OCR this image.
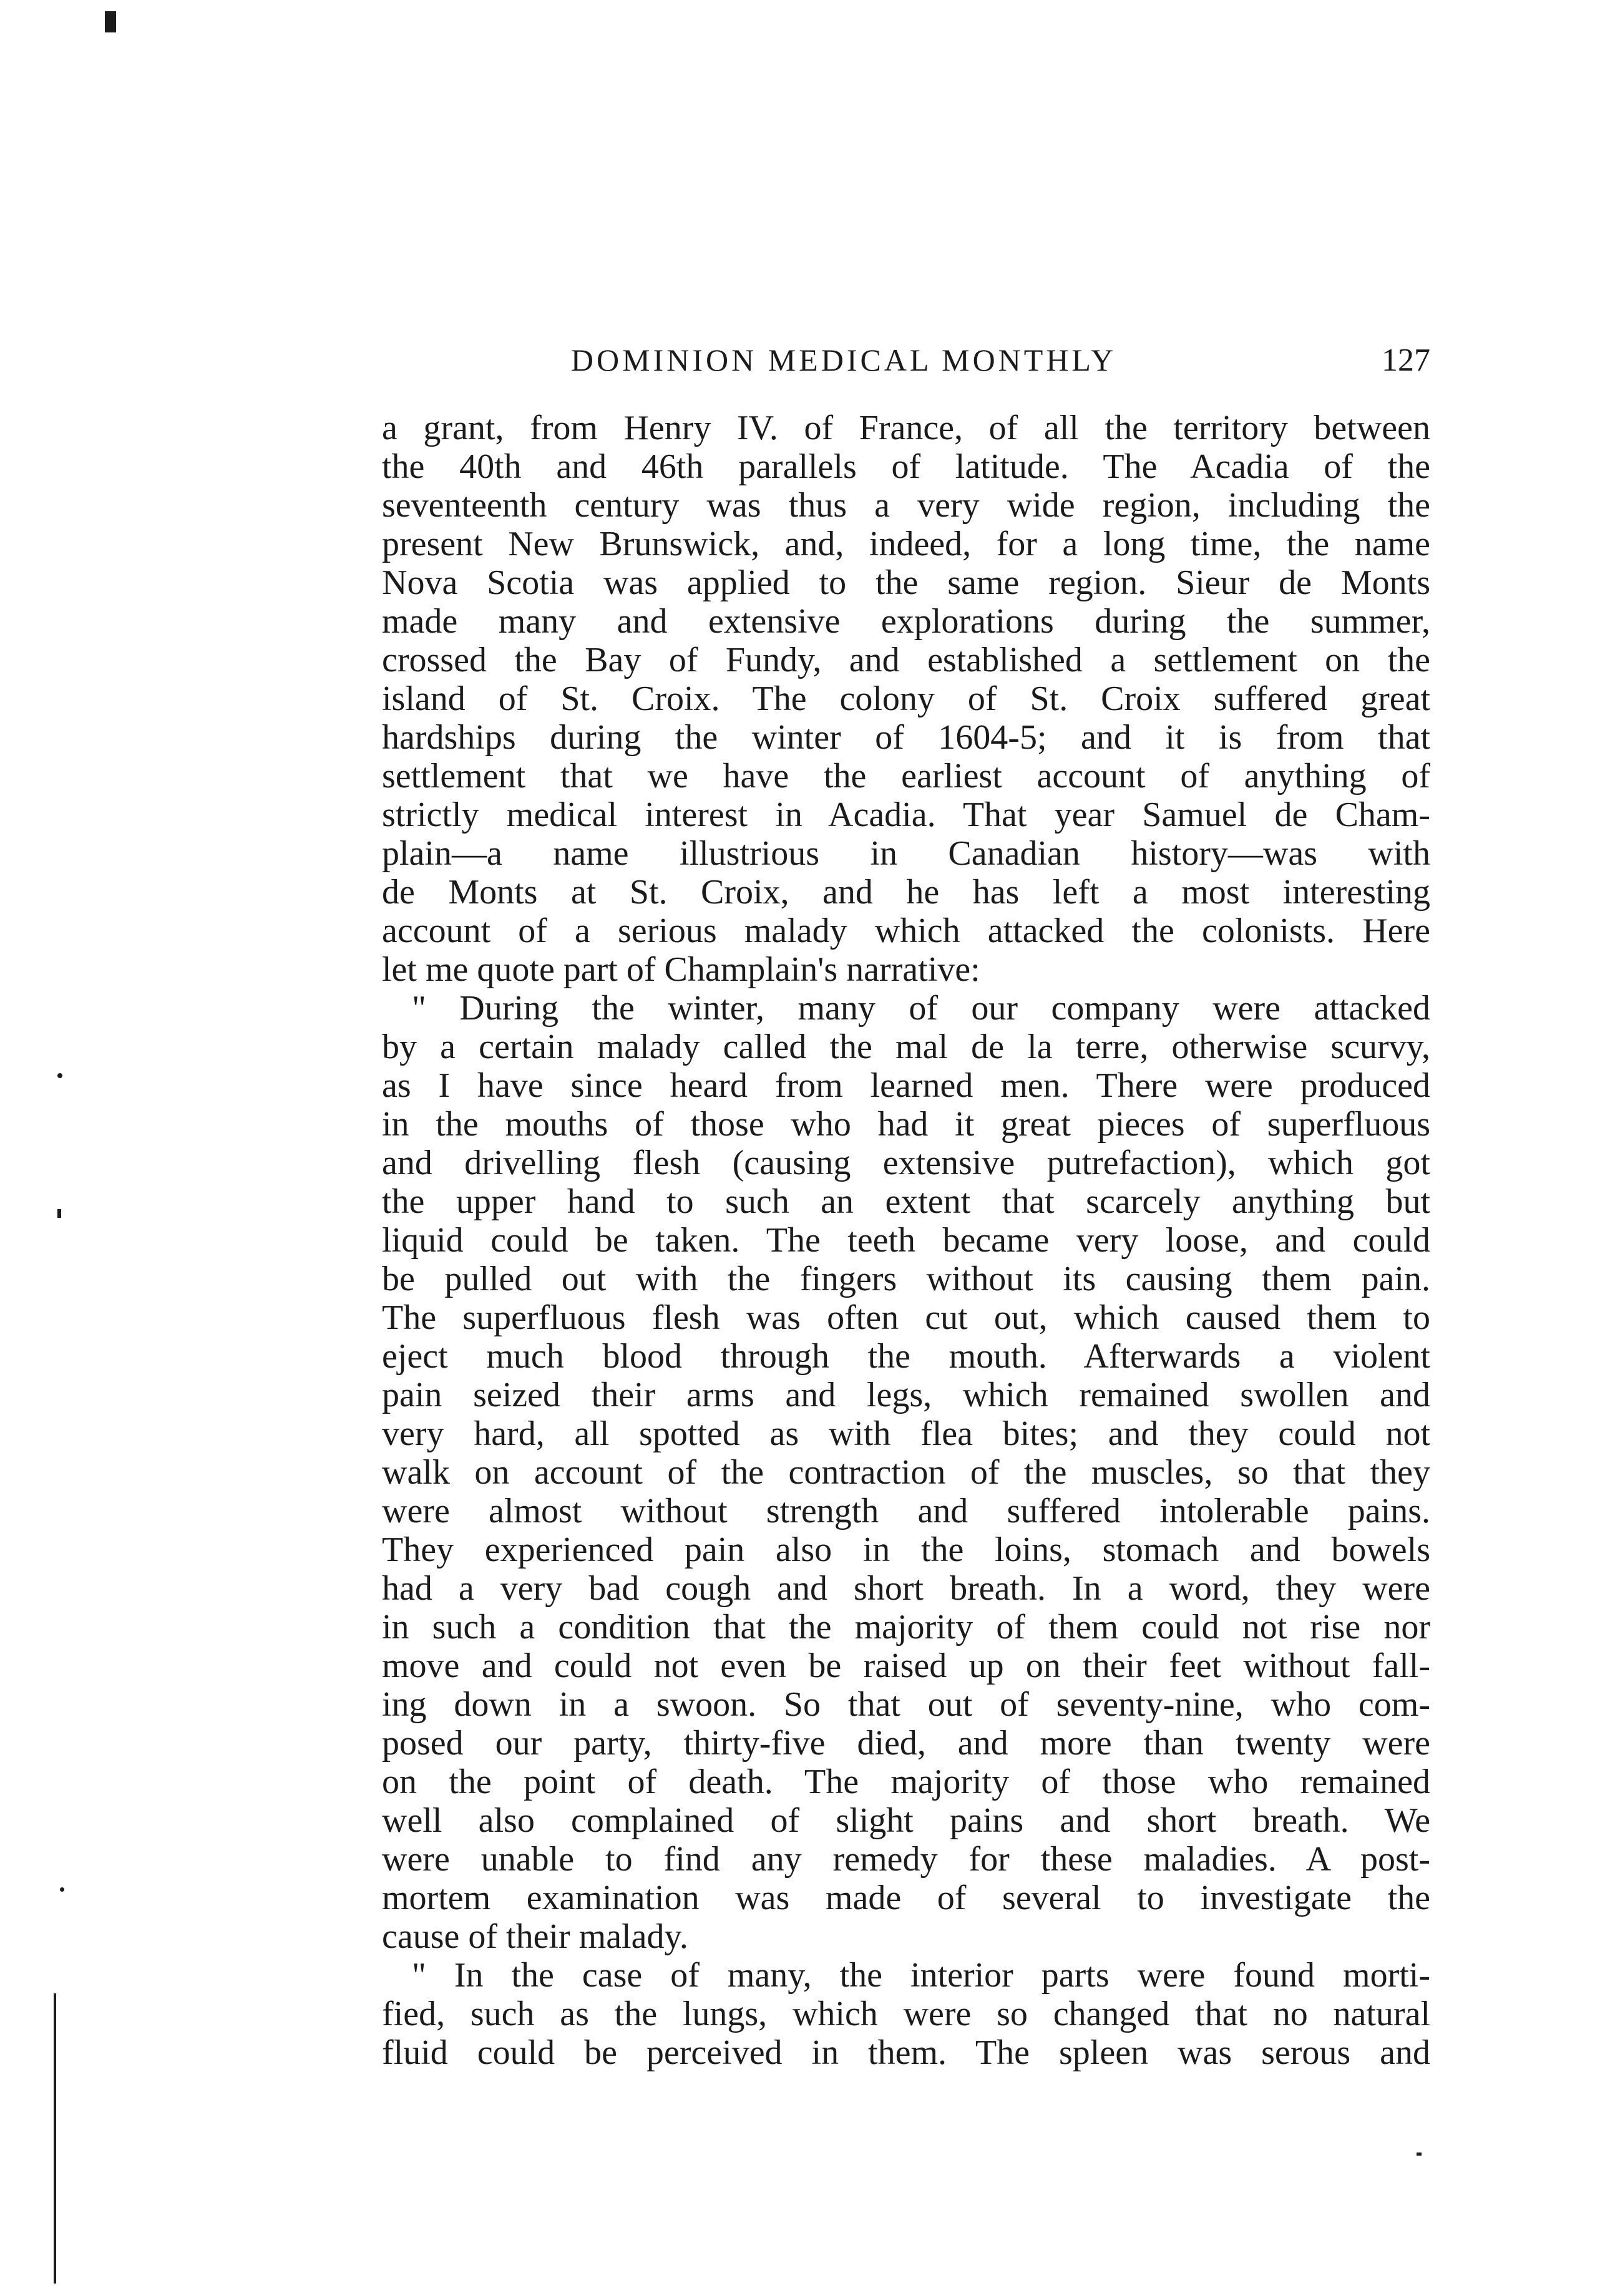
DOMINION MEDICAL MONTHLY	127
a grant, from Henry IV. of France, of all the territory between
the 40th and 46th parallels of latitude. The Acadia of the
seventeenth century was thus a very wide region, including the
present New Brunswick, and, indeed, for a long time, the name
Nova Scotia was applied to the same region. Sieur de Monts
made many and extensive explorations during the summer,
crossed the Bay of Fundy, and established a settlement on the
island of St. Croix. The colony of St. Croix suffered great
hardships during the winter of 1604-5; and it is from that
settlement that we have the earliest account of anything of
strictly medical interest in Acadia. That year Samuel de Cham-
plain—a name illustrious in Canadian history—was with
de Monts at St. Croix, and he has left a most interesting
account of a serious malady which attacked the colonists. Here
let me quote part of Champlain's narrative:
" During the winter, many of our company were attacked
by a certain malady called the mal de la terre, otherwise scurvy,
as I have since heard from learned men. There were produced
in the mouths of those who had it great pieces of superfluous
and drivelling flesh (causing extensive putrefaction), which got
the upper hand to such an extent that scarcely anything but
liquid could be taken. The teeth became very loose, and could
be pulled out with the fingers without its causing them pain.
The superfluous flesh was often cut out, which caused them to
eject much blood through the mouth. Afterwards a violent
pain seized their arms and legs, which remained swollen and
very hard, all spotted as with flea bites; and they could not
walk on account of the contraction of the muscles, so that they
were almost without strength and suffered intolerable pains.
They experienced pain also in the loins, stomach and bowels
had a very bad cough and short breath. In a word, they were
in such a condition that the majority of them could not rise nor
move and could not even be raised up on their feet without fall-
ing down in a swoon. So that out of seventy-nine, who com-
posed our party, thirty-five died, and more than twenty were
on the point of death. The majority of those who remained
well also complained of slight pains and short breath. We
were unable to find any remedy for these maladies. A post-
mortem examination was made of several to investigate the
cause of their malady.
" In the case of many, the interior parts were found morti-
fied, such as the lungs, which were so changed that no natural
fluid could be perceived in them. The spleen was serous and
